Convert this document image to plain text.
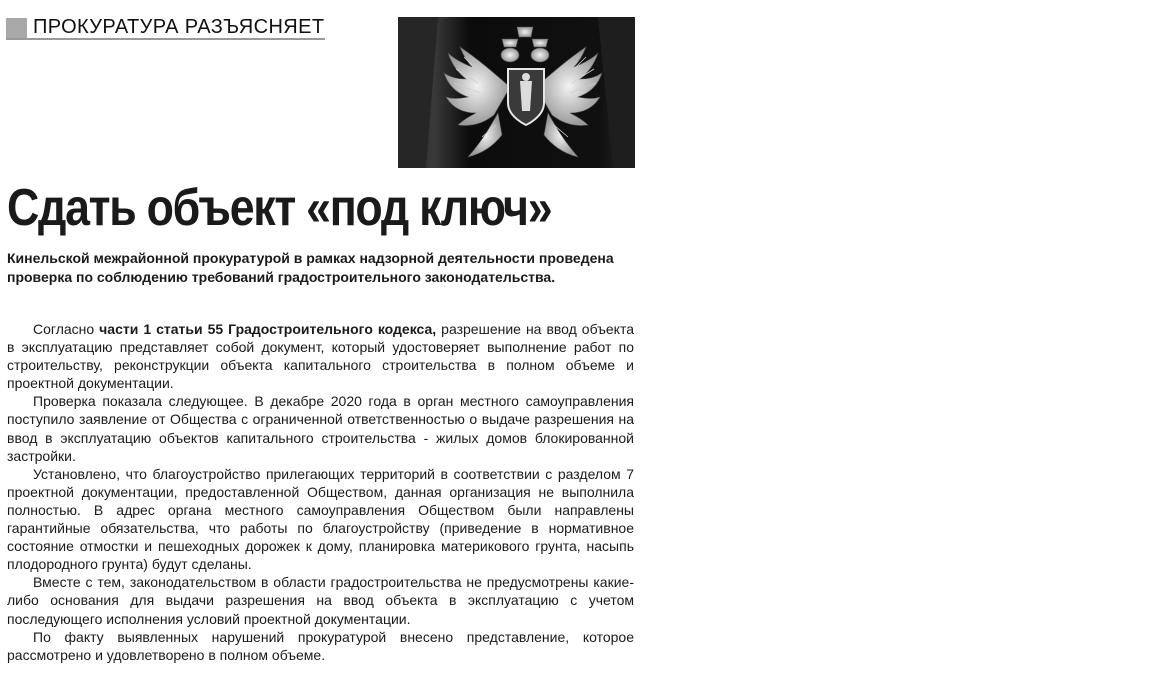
ПРОКУРАТУРА РАЗЪЯСНЯЕТ
Сдать объект «под ключ»

Кинельской межрайонной прокуратурой в рамках надзорной деятельности проведена проверка по соблюдению требований градостроительного законодательства.

Согласно части 1 статьи 55 Градостроительного кодекса, разрешение на ввод объекта в эксплуатацию представляет собой документ, который удостоверяет выполнение работ по строительству, реконструкции объекта капитального строительства в полном объеме и проектной документации.

Проверка показала следующее. В декабре 2020 года в орган местного самоуправления поступило заявление от Общества с ограниченной ответственностью о выдаче разрешения на ввод в эксплуатацию объектов капитального строительства - жилых домов блокированной застройки.

Установлено, что благоустройство прилегающих территорий в соответствии с разделом 7 проектной документации, предоставленной Обществом, данная организация не выполнила полностью. В адрес органа местного самоуправления Обществом были направлены гарантийные обязательства, что работы по благоустройству (приведение в нормативное состояние отмостки и пешеходных дорожек к дому, планировка материкового грунта, насыпь плодородного грунта) будут сделаны.

Вместе с тем, законодательством в области градостроительства не предусмотрены какие-либо основания для выдачи разрешения на ввод объекта в эксплуатацию с учетом последующего исполнения условий проектной документации.

По факту выявленных нарушений прокуратурой внесено представление, которое рассмотрено и удовлетворено в полном объеме.
